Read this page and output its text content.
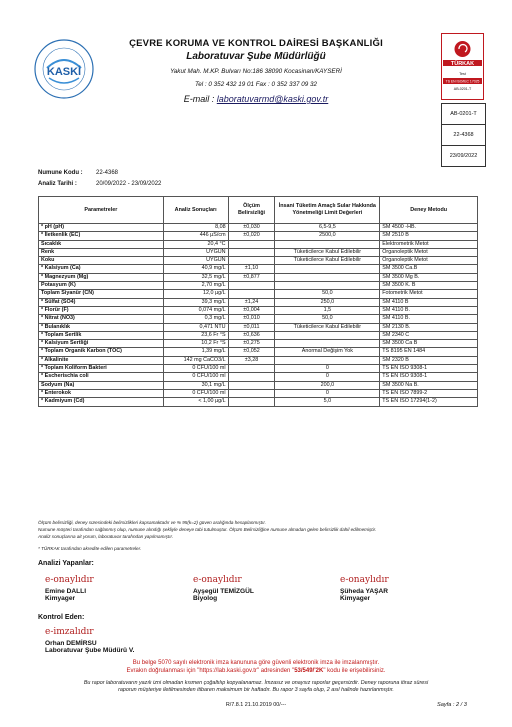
KASKİ
ÇEVRE KORUMA VE KONTROL DAİRESİ BAŞKANLIĞI
Laboratuvar Şube Müdürlüğü
Yakut Mah. M.KP. Bulvarı No:186 38090 Kocasinan/KAYSERİ
Tel : 0 352 432 19 01 Fax : 0 352 337 09 32
E-mail : laboratuvarmd@kaski.gov.tr
TÜRKAK
Test
TS EN ISO/IEC 17025
AB-0201-T
AB-0201-T
22-4368
23/09/2022
Numune Kodu : 22-4368
Analiz Tarihi :	20/09/2022 - 23/09/2022
Parametreler	Analiz Sonuçları	Ölçüm Belirsizliği	İnsani Tüketim Amaçlı Sular Hakkında Yönetmeliği Limit Değerleri	Deney Metodu
* pH (pH)	8,08	±0,030	6,5-9,5	SM 4500 -HB.
* İletkenlik (EC)	446 µS/cm	±0,020	2500,0	SM 2510 B
Sıcaklık	20,4 °C			Elektrometrik Metot
Renk	UYGUN		Tüketicilerce Kabul Edilebilir	Organoleptik Metot
Koku	UYGUN		Tüketicilerce Kabul Edilebilir	Organoleptik Metot
* Kalsiyum (Ca)	40,9 mg/L	±1,10		SM 3500 Ca.B
* Magnezyum (Mg)	32,5 mg/L	±0,877		SM 3500 Mg B.
Potasyum (K)	2,70 mg/L			SM 3500 K. B
Toplam Siyanür (CN)	12,0 µg/L		50,0	Fotometrik Metot
* Sülfat (SO4)	39,3 mg/L	±1,24	250,0	SM 4110 B
* Florür (F)	0,074 mg/L	±0,004	1,5	SM 4110 B.
* Nitrat (NO3)	0,3 mg/L	±0,010	50,0	SM 4110 B.
* Bulanıklık	0,471 NTU	±0,011	Tüketicilerce Kabul Edilebilir	SM 2130 B.
* Toplam Sertlik	23,6 Fr °S	±0,636		SM 2340 C
* Kalsiyum Sertliği	10,2 Fr °S	±0,275		SM 3500 Ca B
* Toplam Organik Karbon (TOC)	1,39 mg/L	±0,052	Anormal Değişim Yok	TS 8195 EN 1484
* Alkalinite	142 mg CaCO3/L	±3,28		SM 2320 B
* Toplam Koliform Bakteri	0 CFU/100 ml		0	TS EN ISO 9308-1
* Escherischia coli	0 CFU/100 ml		0	TS EN ISO 9308-1
Sodyum (Na)	30,1 mg/L		200,0	SM 3500 Na B.
* Enterokok	0 CFU/100 ml		0	TS EN ISO 7899-2
* Kadmiyum (Cd)	< 1,00 µg/L		5,0	TS EN ISO 17294(1-2)
Ölçüm belirsizliği, deney süresindeki belirsizlikleri kapsamaktadır ve % 95(k=2) güven aralığında hesaplanmıştır.
Numune müşteri tarafından sağlanmış olup, numune alındığı şekliyle deneye tabi tutulmuştur. Ölçüm Belirsizliğine numune almadan gelen belirsizlik dahil edilmemiştir.
Analiz sonuçlarına ait yorum, laboratuvar tarafından yapılmamıştır.
* TÜRKAK tarafından akredite edilen parametreler.
Analizi Yapanlar:
e-onaylıdır
Emine DALLI
Kimyager
e-onaylıdır
Ayşegül TEMİZGÜL
Biyolog
e-onaylıdır
Şüheda YAŞAR
Kimyager
Kontrol Eden:
e-imzalıdır
Orhan DEMİRSU
Laboratuvar Şube Müdürü V.
Bu belge 5070 sayılı elektronik imza kanununa göre güvenli elektronik imza ile imzalanmıştır.
Evrakın doğrulanması için "https://lab.kaski.gov.tr" adresinden "53/549/'2K" kodu ile erişebilirsiniz.
Bu rapor laboratuvarın yazılı izni olmadan kısmen çoğaltılıp kopyalanamaz. İmzasız ve onaysız raporlar geçersizdir. Deney raporuna itiraz süresi
raporun müşteriye iletilmesinden itibaren maksimum bir haftadır. Bu rapor 3 sayfa olup, 2 asıl halinde hazırlanmıştır.
R/7.8.1 21.10.2019 00/---	Sayfa : 2 / 3
